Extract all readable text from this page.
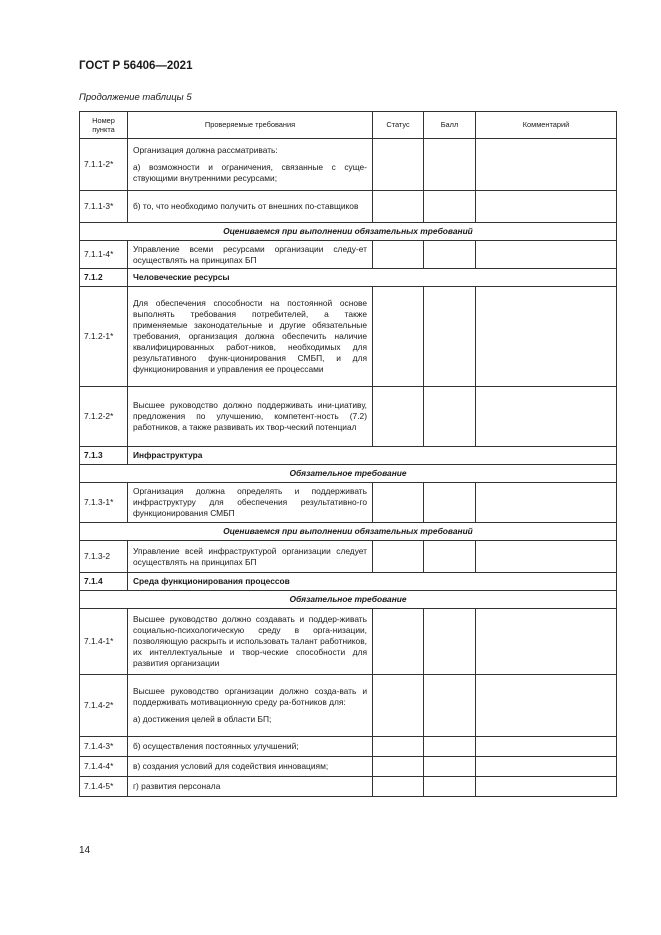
ГОСТ Р 56406—2021
Продолжение таблицы 5
Номер пункта	Проверяемые требования	Статус	Балл	Комментарий
7.1.1-2*	Организация должна рассматривать:
а) возможности и ограничения, связанные с суще-ствующими внутренними ресурсами;			

7.1.1-3*	б) то, что необходимо получить от внешних по-ставщиков			

Оцениваемся при выполнении обязательных требований				
7.1.1-4*	Управление всеми ресурсами организации следу-ет осуществлять на принципах БП			

7.1.2	Человеческие ресурсы			
7.1.2-1*	Для обеспечения способности на постоянной основе выполнять требования потребителей, а также применяемые законодательные и другие обязательные требования, организация должна обеспечить наличие квалифицированных работ-ников, необходимых для результативного функ-ционирования СМБП, и для функционирования и управления ее процессами			

7.1.2-2*	Высшее руководство должно поддерживать ини-циативу, предложения по улучшению, компетент-ность (7.2) работников, а также развивать их твор-ческий потенциал			

7.1.3	Инфраструктура			
Обязательное требование				
7.1.3-1*	Организация должна определять и поддерживать инфраструктуру для обеспечения результативно-го функционирования СМБП			

Оцениваемся при выполнении обязательных требований				
7.1.3-2	Управление всей инфраструктурой организации следует осуществлять на принципах БП			

7.1.4	Среда функционирования процессов			
Обязательное требование				
7.1.4-1*	Высшее руководство должно создавать и поддер-живать социально-психологическую среду в орга-низации, позволяющую раскрыть и использовать талант работников, их интеллектуальные и твор-ческие способности для развития организации			

7.1.4-2*	Высшее руководство организации должно созда-вать и поддерживать мотивационную среду ра-ботников для:
а) достижения целей в области БП;			

7.1.4-3*	б) осуществления постоянных улучшений;			

7.1.4-4*	в) создания условий для содействия инновациям;			

7.1.4-5*	г) развития персонала			

14
